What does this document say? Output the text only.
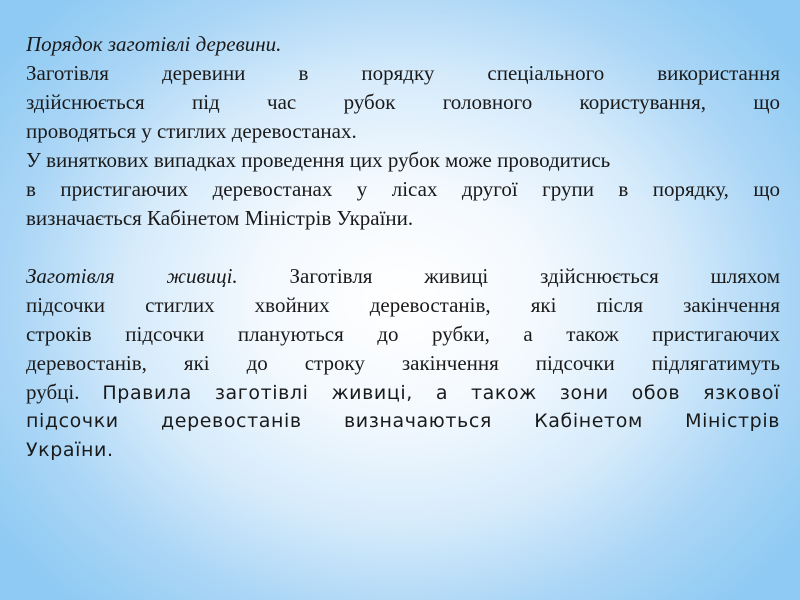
Порядок заготівлі деревини.
Заготівля деревини в порядку спеціального використання
здійснюється під час рубок головного користування, що
проводяться у стиглих деревостанах.
У виняткових випадках проведення цих рубок може проводитись
в пристигаючих деревостанах у лісах другої групи в порядку, що
визначається Кабінетом Міністрів України.
Заготівля живиці. Заготівля живиці здійснюється шляхом
підсочки стиглих хвойних деревостанів, які після закінчення
строків підсочки плануються до рубки, а також пристигаючих
деревостанів, які до строку закінчення підсочки підлягатимуть
рубці. Правила заготівлі живиці, а також зони обов язкової
підсочки деревостанів визначаються Кабінетом Міністрів
України.
